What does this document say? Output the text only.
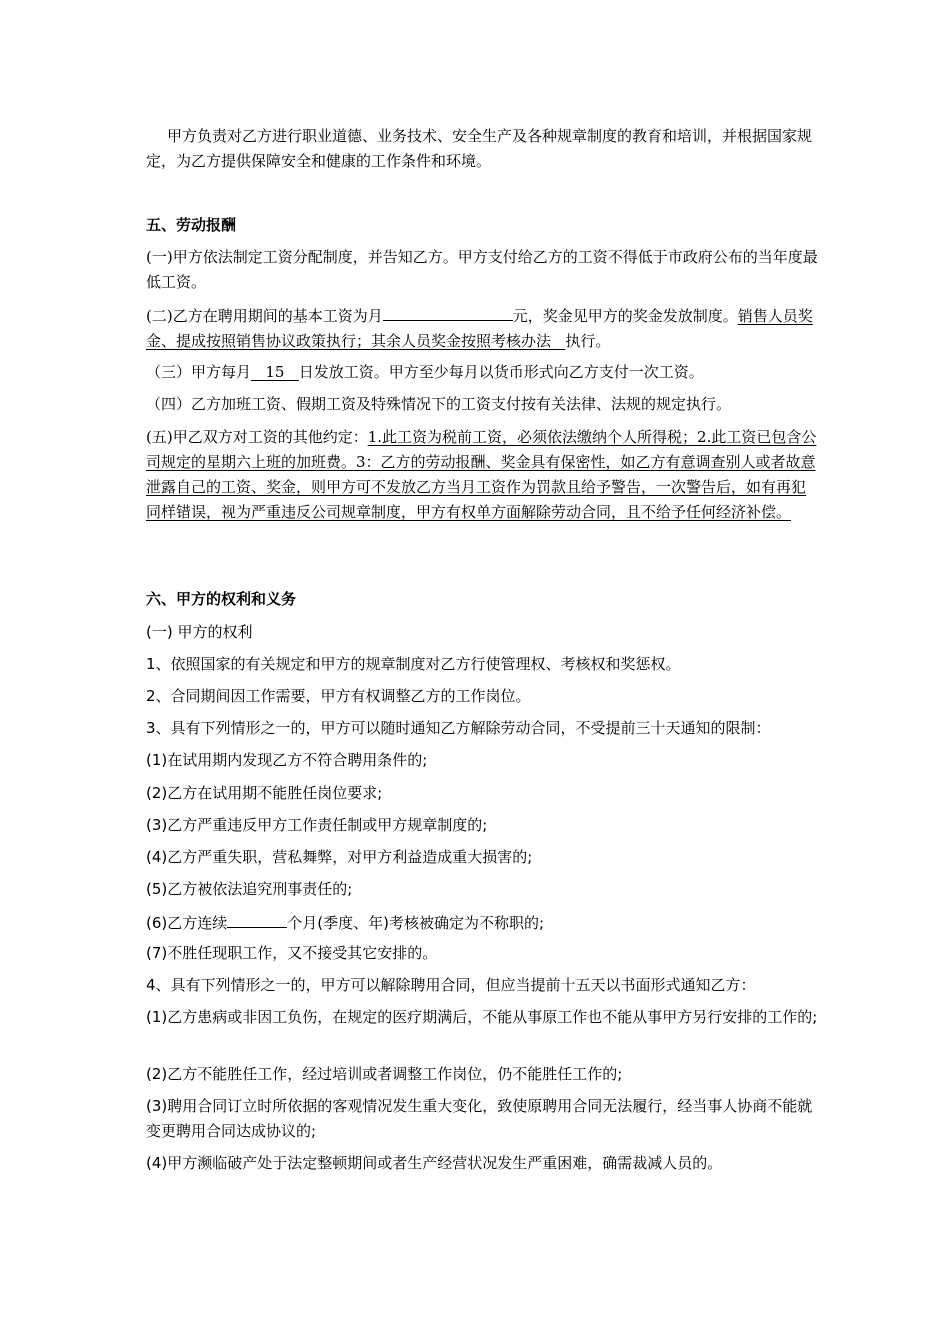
甲方负责对乙方进行职业道德、业务技术、安全生产及各种规章制度的教育和培训，并根据国家规定，为乙方提供保障安全和健康的工作条件和环境。
五、劳动报酬
(一)甲方依法制定工资分配制度，并告知乙方。甲方支付给乙方的工资不得低于市政府公布的当年度最低工资。
(二)乙方在聘用期间的基本工资为月	元，奖金见甲方的奖金发放制度。销售人员奖金、提成按照销售协议政策执行；其余人员奖金按照考核办法 执行。
（三）甲方每月 15 日发放工资。甲方至少每月以货币形式向乙方支付一次工资。
（四）乙方加班工资、假期工资及特殊情况下的工资支付按有关法律、法规的规定执行。
(五)甲乙双方对工资的其他约定：1.此工资为税前工资，必须依法缴纳个人所得税；2.此工资已包含公司规定的星期六上班的加班费。3：乙方的劳动报酬、奖金具有保密性，如乙方有意调查别人或者故意泄露自己的工资、奖金，则甲方可不发放乙方当月工资作为罚款且给予警告，一次警告后，如有再犯同样错误，视为严重违反公司规章制度，甲方有权单方面解除劳动合同，且不给予任何经济补偿。
六、甲方的权利和义务
(一) 甲方的权利
1、依照国家的有关规定和甲方的规章制度对乙方行使管理权、考核权和奖惩权。
2、合同期间因工作需要，甲方有权调整乙方的工作岗位。
3、具有下列情形之一的，甲方可以随时通知乙方解除劳动合同，不受提前三十天通知的限制：
(1)在试用期内发现乙方不符合聘用条件的;
(2)乙方在试用期不能胜任岗位要求;
(3)乙方严重违反甲方工作责任制或甲方规章制度的;
(4)乙方严重失职，营私舞弊，对甲方利益造成重大损害的;
(5)乙方被依法追究刑事责任的;
(6)乙方连续	个月(季度、年)考核被确定为不称职的;
(7)不胜任现职工作，又不接受其它安排的。
4、具有下列情形之一的，甲方可以解除聘用合同，但应当提前十五天以书面形式通知乙方：
(1)乙方患病或非因工负伤，在规定的医疗期满后，不能从事原工作也不能从事甲方另行安排的工作的;
(2)乙方不能胜任工作，经过培训或者调整工作岗位，仍不能胜任工作的;
(3)聘用合同订立时所依据的客观情况发生重大变化，致使原聘用合同无法履行，经当事人协商不能就变更聘用合同达成协议的;
(4)甲方濒临破产处于法定整顿期间或者生产经营状况发生严重困难，确需裁减人员的。
